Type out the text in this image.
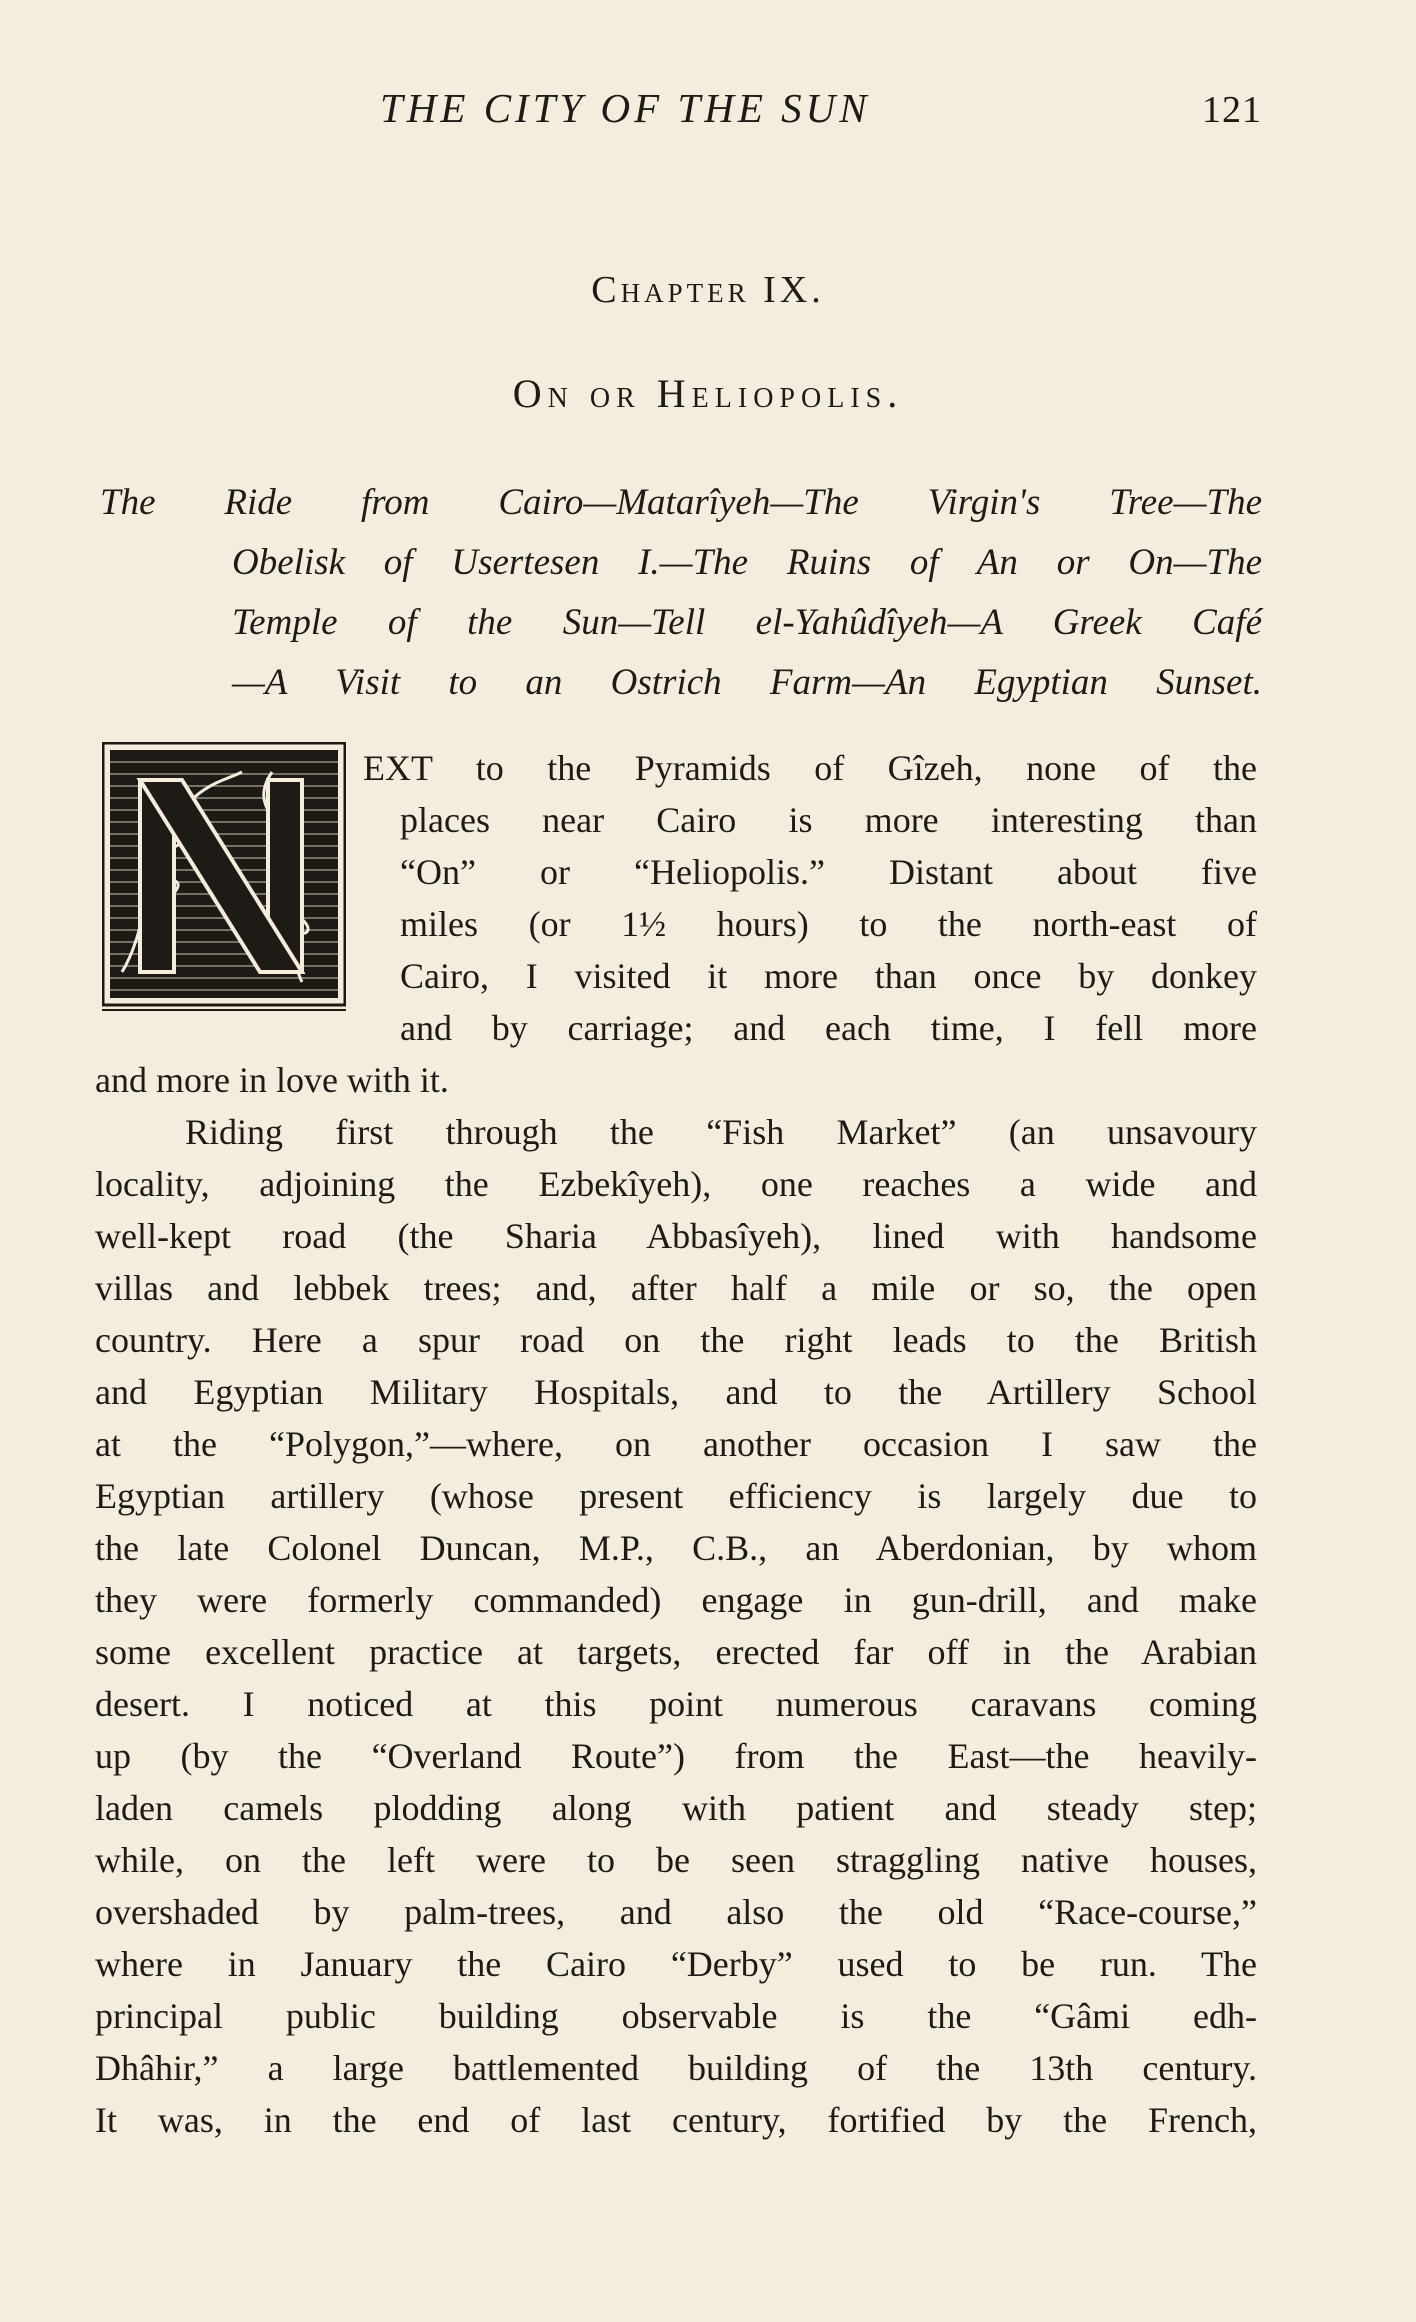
THE CITY OF THE SUN	121
Chapter IX.
On or Heliopolis.
The Ride from Cairo—Matarîyeh—The Virgin's Tree—The
Obelisk of Usertesen I.—The Ruins of An or On—The
Temple of the Sun—Tell el-Yahûdîyeh—A Greek Café
—A Visit to an Ostrich Farm—An Egyptian Sunset.
EXT to the Pyramids of Gîzeh, none of the
places near Cairo is more interesting than
“On” or “Heliopolis.” Distant about five
miles (or 1½ hours) to the north-east of
Cairo, I visited it more than once by donkey
and by carriage; and each time, I fell more
and more in love with it.
Riding first through the “Fish Market” (an unsavoury
locality, adjoining the Ezbekîyeh), one reaches a wide and
well-kept road (the Sharia Abbasîyeh), lined with handsome
villas and lebbek trees; and, after half a mile or so, the open
country. Here a spur road on the right leads to the British
and Egyptian Military Hospitals, and to the Artillery School
at the “Polygon,”—where, on another occasion I saw the
Egyptian artillery (whose present efficiency is largely due to
the late Colonel Duncan, M.P., C.B., an Aberdonian, by whom
they were formerly commanded) engage in gun-drill, and make
some excellent practice at targets, erected far off in the Arabian
desert. I noticed at this point numerous caravans coming
up (by the “Overland Route”) from the East—the heavily-
laden camels plodding along with patient and steady step;
while, on the left were to be seen straggling native houses,
overshaded by palm-trees, and also the old “Race-course,”
where in January the Cairo “Derby” used to be run. The
principal public building observable is the “Gâmi edh-
Dhâhir,” a large battlemented building of the 13th century.
It was, in the end of last century, fortified by the French,
